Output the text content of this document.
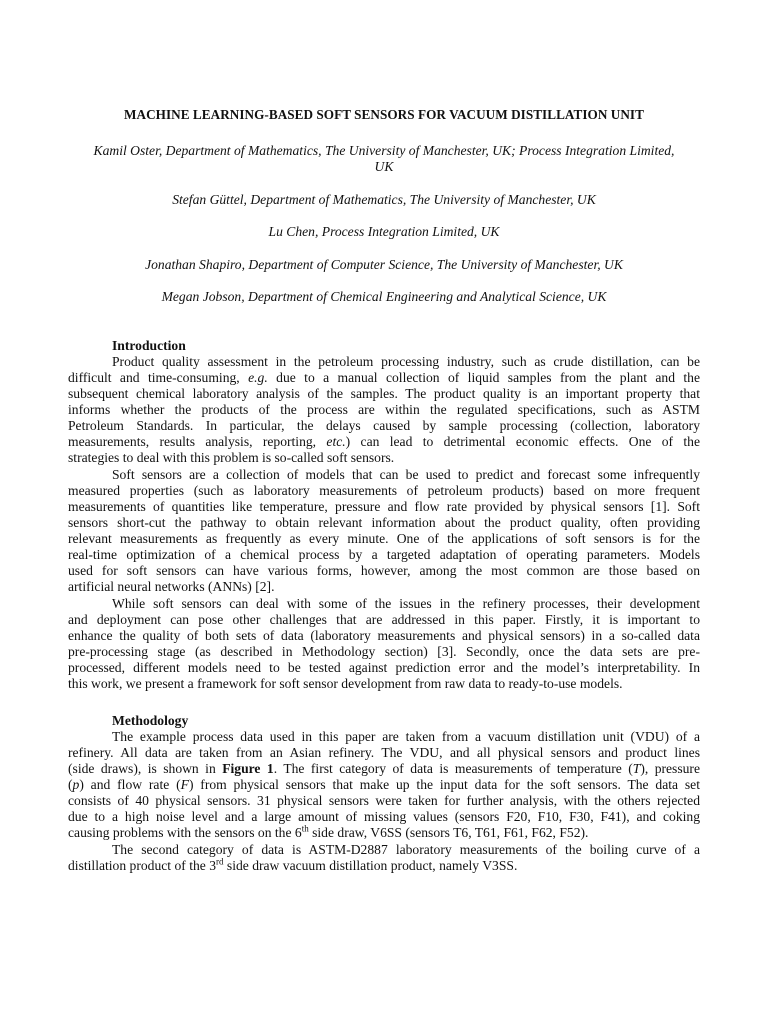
MACHINE LEARNING-BASED SOFT SENSORS FOR VACUUM DISTILLATION UNIT
Kamil Oster, Department of Mathematics, The University of Manchester, UK; Process Integration Limited, UK
Stefan Güttel, Department of Mathematics, The University of Manchester, UK
Lu Chen, Process Integration Limited, UK
Jonathan Shapiro, Department of Computer Science, The University of Manchester, UK
Megan Jobson, Department of Chemical Engineering and Analytical Science, UK
Introduction
Product quality assessment in the petroleum processing industry, such as crude distillation, can be
difficult and time-consuming, e.g. due to a manual collection of liquid samples from the plant and the
subsequent chemical laboratory analysis of the samples. The product quality is an important property that
informs whether the products of the process are within the regulated specifications, such as ASTM
Petroleum Standards. In particular, the delays caused by sample processing (collection, laboratory
measurements, results analysis, reporting, etc.) can lead to detrimental economic effects. One of the
strategies to deal with this problem is so-called soft sensors.
Soft sensors are a collection of models that can be used to predict and forecast some infrequently
measured properties (such as laboratory measurements of petroleum products) based on more frequent
measurements of quantities like temperature, pressure and flow rate provided by physical sensors [1]. Soft
sensors short-cut the pathway to obtain relevant information about the product quality, often providing
relevant measurements as frequently as every minute. One of the applications of soft sensors is for the
real-time optimization of a chemical process by a targeted adaptation of operating parameters. Models
used for soft sensors can have various forms, however, among the most common are those based on
artificial neural networks (ANNs) [2].
While soft sensors can deal with some of the issues in the refinery processes, their development
and deployment can pose other challenges that are addressed in this paper. Firstly, it is important to
enhance the quality of both sets of data (laboratory measurements and physical sensors) in a so-called data
pre-processing stage (as described in Methodology section) [3]. Secondly, once the data sets are pre-
processed, different models need to be tested against prediction error and the model’s interpretability. In
this work, we present a framework for soft sensor development from raw data to ready-to-use models.
Methodology
The example process data used in this paper are taken from a vacuum distillation unit (VDU) of a
refinery. All data are taken from an Asian refinery. The VDU, and all physical sensors and product lines
(side draws), is shown in Figure 1. The first category of data is measurements of temperature (T), pressure
(p) and flow rate (F) from physical sensors that make up the input data for the soft sensors. The data set
consists of 40 physical sensors. 31 physical sensors were taken for further analysis, with the others rejected
due to a high noise level and a large amount of missing values (sensors F20, F10, F30, F41), and coking
causing problems with the sensors on the 6th side draw, V6SS (sensors T6, T61, F61, F62, F52).
The second category of data is ASTM-D2887 laboratory measurements of the boiling curve of a
distillation product of the 3rd side draw vacuum distillation product, namely V3SS.
